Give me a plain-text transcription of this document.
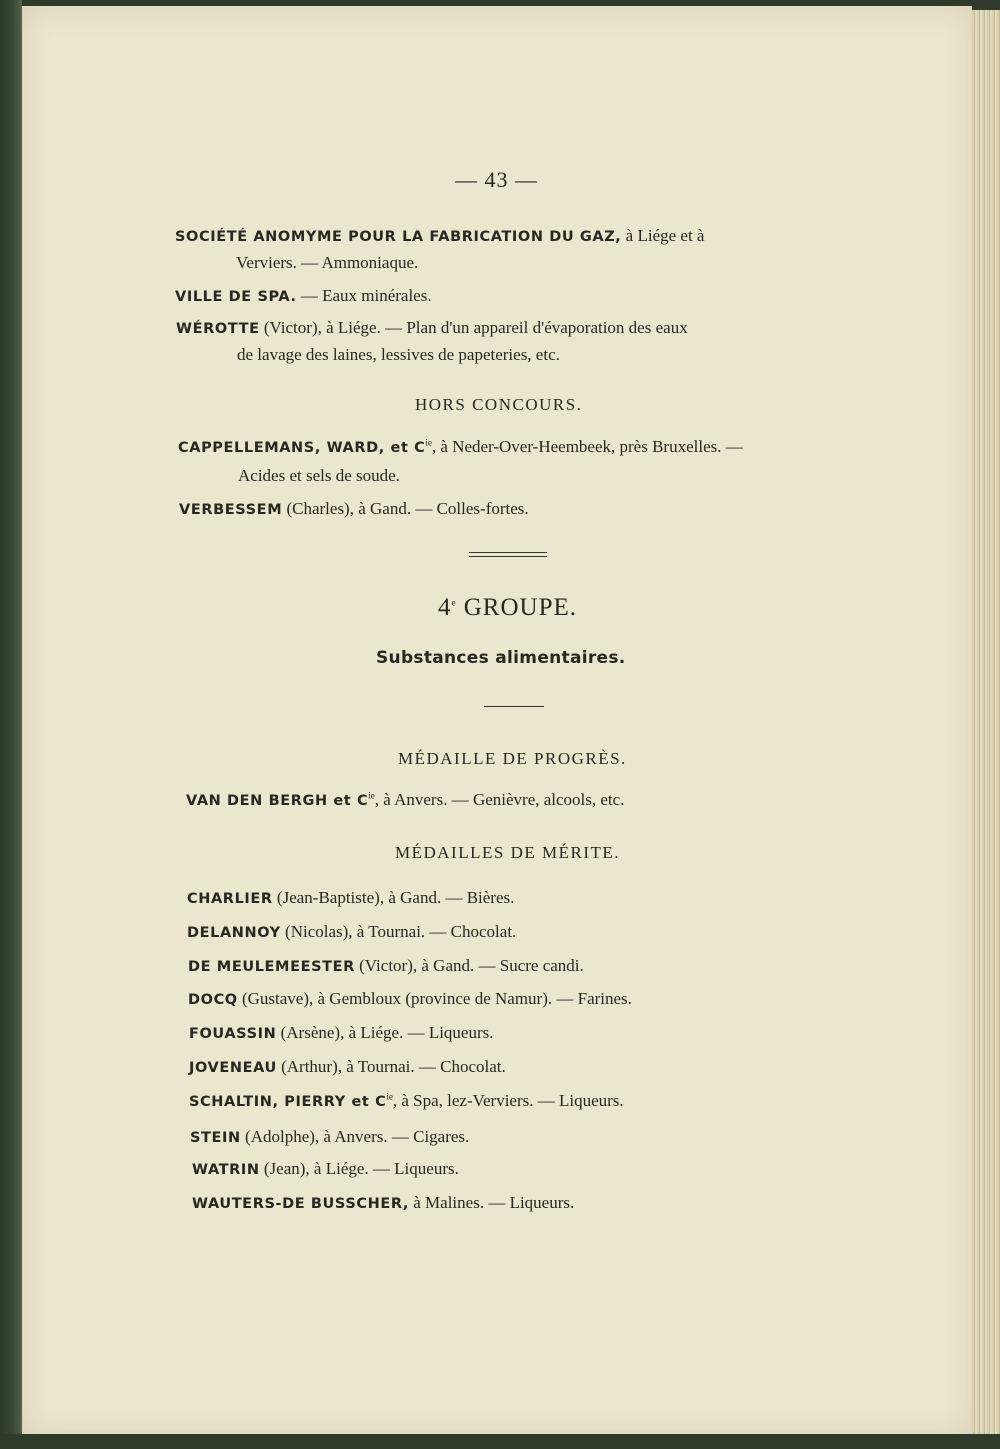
— 43 —
SOCIÉTÉ ANOMYME POUR LA FABRICATION DU GAZ, à Liége et à
Verviers. — Ammoniaque.
VILLE DE SPA. — Eaux minérales.
WÉROTTE (Victor), à Liége. — Plan d'un appareil d'évaporation des eaux
de lavage des laines, lessives de papeteries, etc.
HORS CONCOURS.
CAPPELLEMANS, WARD, et $C^{ie}$, à Neder-Over-Heembeek, près Bruxelles. —
Acides et sels de soude.
VERBESSEM (Charles), à Gand. — Colles-fortes.
4e GROUPE.
Substances alimentaires.
MÉDAILLE DE PROGRÈS.
VAN DEN BERGH et $C^{ie}$, à Anvers. — Genièvre, alcools, etc.
MÉDAILLES DE MÉRITE.
CHARLIER (Jean-Baptiste), à Gand. — Bières.
DELANNOY (Nicolas), à Tournai. — Chocolat.
DE MEULEMEESTER (Victor), à Gand. — Sucre candi.
DOCQ (Gustave), à Gembloux (province de Namur). — Farines.
FOUASSIN (Arsène), à Liége. — Liqueurs.
JOVENEAU (Arthur), à Tournai. — Chocolat.
SCHALTIN, PIERRY et $C^{ie}$, à Spa, lez-Verviers. — Liqueurs.
STEIN (Adolphe), à Anvers. — Cigares.
WATRIN (Jean), à Liége. — Liqueurs.
WAUTERS-DE BUSSCHER, à Malines. — Liqueurs.
